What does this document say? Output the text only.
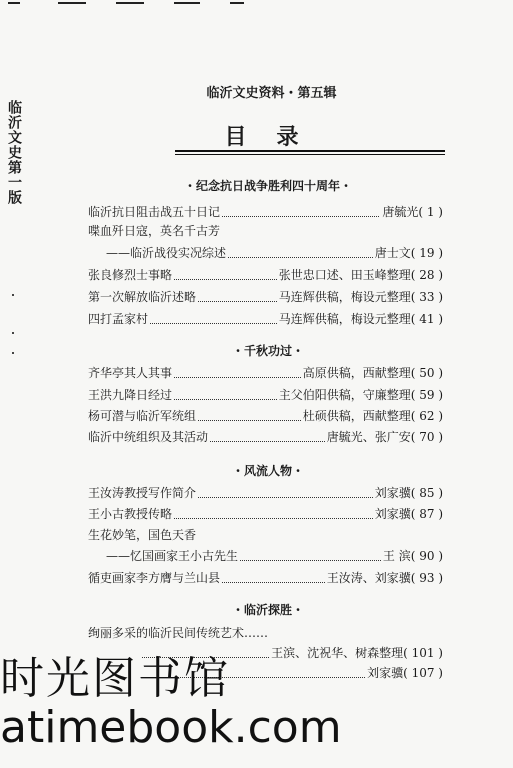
临沂文史第一版
临沂文史资料・第五辑
目录
・纪念抗日战争胜利四十周年・
临沂抗日阻击战五十日记	唐毓光( 1 )
喋血歼日寇，英名千古芳
——临沂战役实况综述	唐士文( 19 )
张良修烈士事略	张世忠口述、田玉峰整理( 28 )
第一次解放临沂述略	马连辉供稿，梅设元整理( 33 )
四打孟家村	马连辉供稿，梅设元整理( 41 )
・千秋功过・
齐华亭其人其事	高原供稿，西献整理( 50 )
王洪九降日经过	主父伯阳供稿，守廉整理( 59 )
杨可潜与临沂军统组	杜硕供稿，西献整理( 62 )
临沂中统组织及其活动	唐毓光、张广安( 70 )
・风流人物・
王汝涛教授写作简介	刘家骥( 85 )
王小古教授传略	刘家骥( 87 )
生花妙笔，国色天香
——忆国画家王小古先生	王 滨( 90 )
循吏画家李方膺与兰山县	王汝涛、刘家骥( 93 )
・临沂探胜・
绚丽多采的临沂民间传统艺术……
王滨、沈祝华、树森整理( 101 )
刘家骥( 107 )
时光图书馆
atimebook.com
